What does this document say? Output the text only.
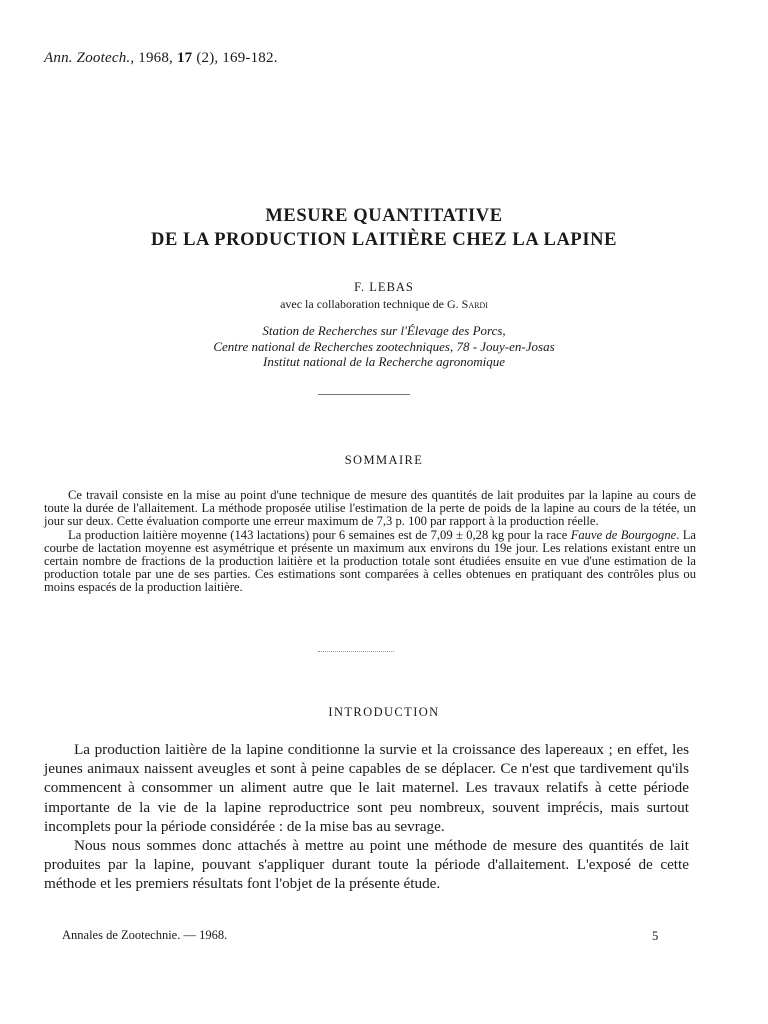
Ann. Zootech., 1968, 17 (2), 169-182.
MESURE QUANTITATIVE
DE LA PRODUCTION LAITIÈRE CHEZ LA LAPINE
F. LEBAS
avec la collaboration technique de G. Sardi
Station de Recherches sur l'Élevage des Porcs,
Centre national de Recherches zootechniques, 78 - Jouy-en-Josas
Institut national de la Recherche agronomique
SOMMAIRE

Ce travail consiste en la mise au point d'une technique de mesure des quantités de lait produites par la lapine au cours de toute la durée de l'allaitement. La méthode proposée utilise l'estimation de la perte de poids de la lapine au cours de la tétée, un jour sur deux. Cette évaluation comporte une erreur maximum de 7,3 p. 100 par rapport à la production réelle.

La production laitière moyenne (143 lactations) pour 6 semaines est de 7,09 ± 0,28 kg pour la race Fauve de Bourgogne. La courbe de lactation moyenne est asymétrique et présente un maximum aux environs du 19e jour. Les relations existant entre un certain nombre de fractions de la production laitière et la production totale sont étudiées ensuite en vue d'une estimation de la production totale par une de ses parties. Ces estimations sont comparées à celles obtenues en pratiquant des contrôles plus ou moins espacés de la production laitière.

INTRODUCTION

La production laitière de la lapine conditionne la survie et la croissance des lapereaux ; en effet, les jeunes animaux naissent aveugles et sont à peine capables de se déplacer. Ce n'est que tardivement qu'ils commencent à consommer un aliment autre que le lait maternel. Les travaux relatifs à cette période importante de la vie de la lapine reproductrice sont peu nombreux, souvent imprécis, mais surtout incomplets pour la période considérée : de la mise bas au sevrage.

Nous nous sommes donc attachés à mettre au point une méthode de mesure des quantités de lait produites par la lapine, pouvant s'appliquer durant toute la période d'allaitement. L'exposé de cette méthode et les premiers résultats font l'objet de la présente étude.

Annales de Zootechnie. — 1968.	5
